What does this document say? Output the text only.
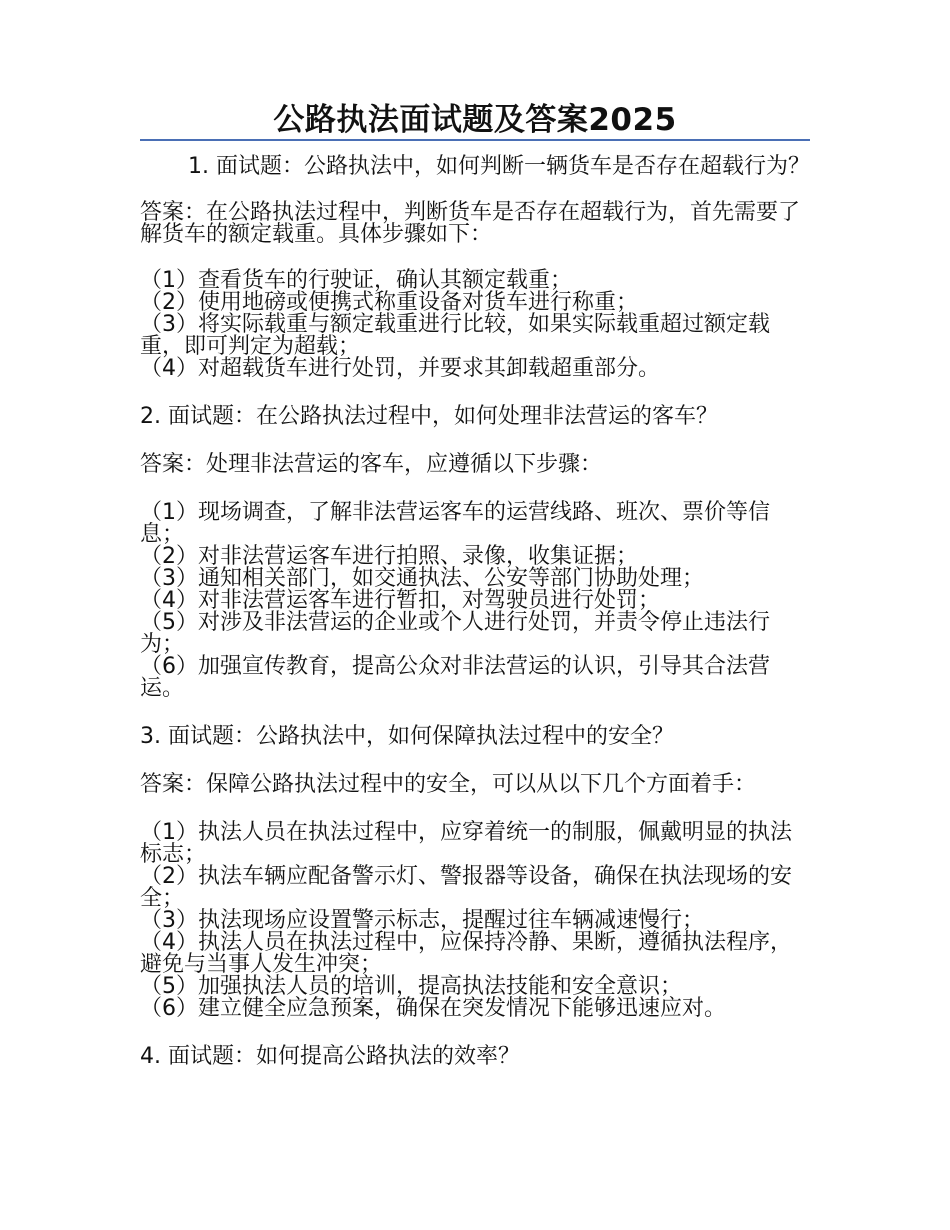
公路执法面试题及答案2025

1. 面试题：公路执法中，如何判断一辆货车是否存在超载行为？

答案：在公路执法过程中，判断货车是否存在超载行为，首先需要了解货车的额定载重。具体步骤如下：

（1）查看货车的行驶证，确认其额定载重；

（2）使用地磅或便携式称重设备对货车进行称重；

（3）将实际载重与额定载重进行比较，如果实际载重超过额定载重，即可判定为超载；

（4）对超载货车进行处罚，并要求其卸载超重部分。

2. 面试题：在公路执法过程中，如何处理非法营运的客车？

答案：处理非法营运的客车，应遵循以下步骤：

（1）现场调查，了解非法营运客车的运营线路、班次、票价等信息；

（2）对非法营运客车进行拍照、录像，收集证据；

（3）通知相关部门，如交通执法、公安等部门协助处理；

（4）对非法营运客车进行暂扣，对驾驶员进行处罚；

（5）对涉及非法营运的企业或个人进行处罚，并责令停止违法行为；

（6）加强宣传教育，提高公众对非法营运的认识，引导其合法营运。

3. 面试题：公路执法中，如何保障执法过程中的安全？

答案：保障公路执法过程中的安全，可以从以下几个方面着手：

（1）执法人员在执法过程中，应穿着统一的制服，佩戴明显的执法标志；

（2）执法车辆应配备警示灯、警报器等设备，确保在执法现场的安全；

（3）执法现场应设置警示标志，提醒过往车辆减速慢行；

（4）执法人员在执法过程中，应保持冷静、果断，遵循执法程序，避免与当事人发生冲突；

（5）加强执法人员的培训，提高执法技能和安全意识；

（6）建立健全应急预案，确保在突发情况下能够迅速应对。

4. 面试题：如何提高公路执法的效率？
